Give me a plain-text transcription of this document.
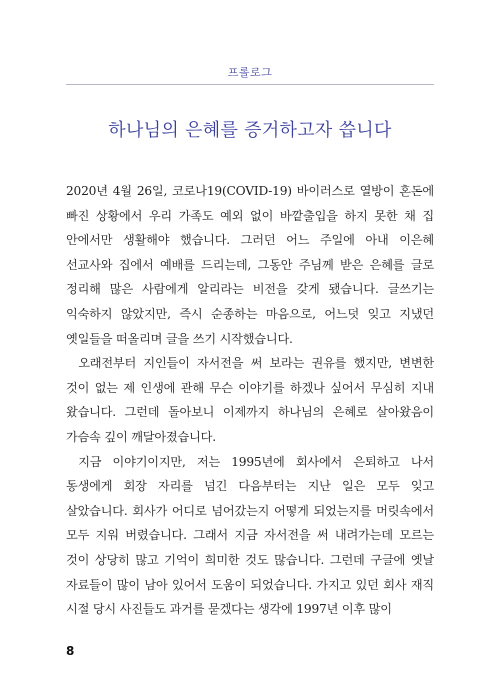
프롤로그
하나님의 은혜를 증거하고자 씁니다

2020년 4월 26일, 코로나19(COVID-19) 바이러스로 열방이 혼돈에 빠진 상황에서 우리 가족도 예외 없이 바깥출입을 하지 못한 채 집 안에서만 생활해야 했습니다. 그러던 어느 주일에 아내 이은혜 선교사와 집에서 예배를 드리는데, 그동안 주님께 받은 은혜를 글로 정리해 많은 사람에게 알리라는 비전을 갖게 됐습니다. 글쓰기는 익숙하지 않았지만, 즉시 순종하는 마음으로, 어느덧 잊고 지냈던 옛일들을 떠올리며 글을 쓰기 시작했습니다.

오래전부터 지인들이 자서전을 써 보라는 권유를 했지만, 변변한 것이 없는 제 인생에 관해 무슨 이야기를 하겠나 싶어서 무심히 지내 왔습니다. 그런데 돌아보니 이제까지 하나님의 은혜로 살아왔음이 가슴속 깊이 깨달아졌습니다.

지금 이야기이지만, 저는 1995년에 회사에서 은퇴하고 나서 동생에게 회장 자리를 넘긴 다음부터는 지난 일은 모두 잊고 살았습니다. 회사가 어디로 넘어갔는지 어떻게 되었는지를 머릿속에서 모두 지워 버렸습니다. 그래서 지금 자서전을 써 내려가는데 모르는 것이 상당히 많고 기억이 희미한 것도 많습니다. 그런데 구글에 옛날 자료들이 많이 남아 있어서 도움이 되었습니다. 가지고 있던 회사 재직 시절 당시 사진들도 과거를 묻겠다는 생각에 1997년 이후 많이

8
